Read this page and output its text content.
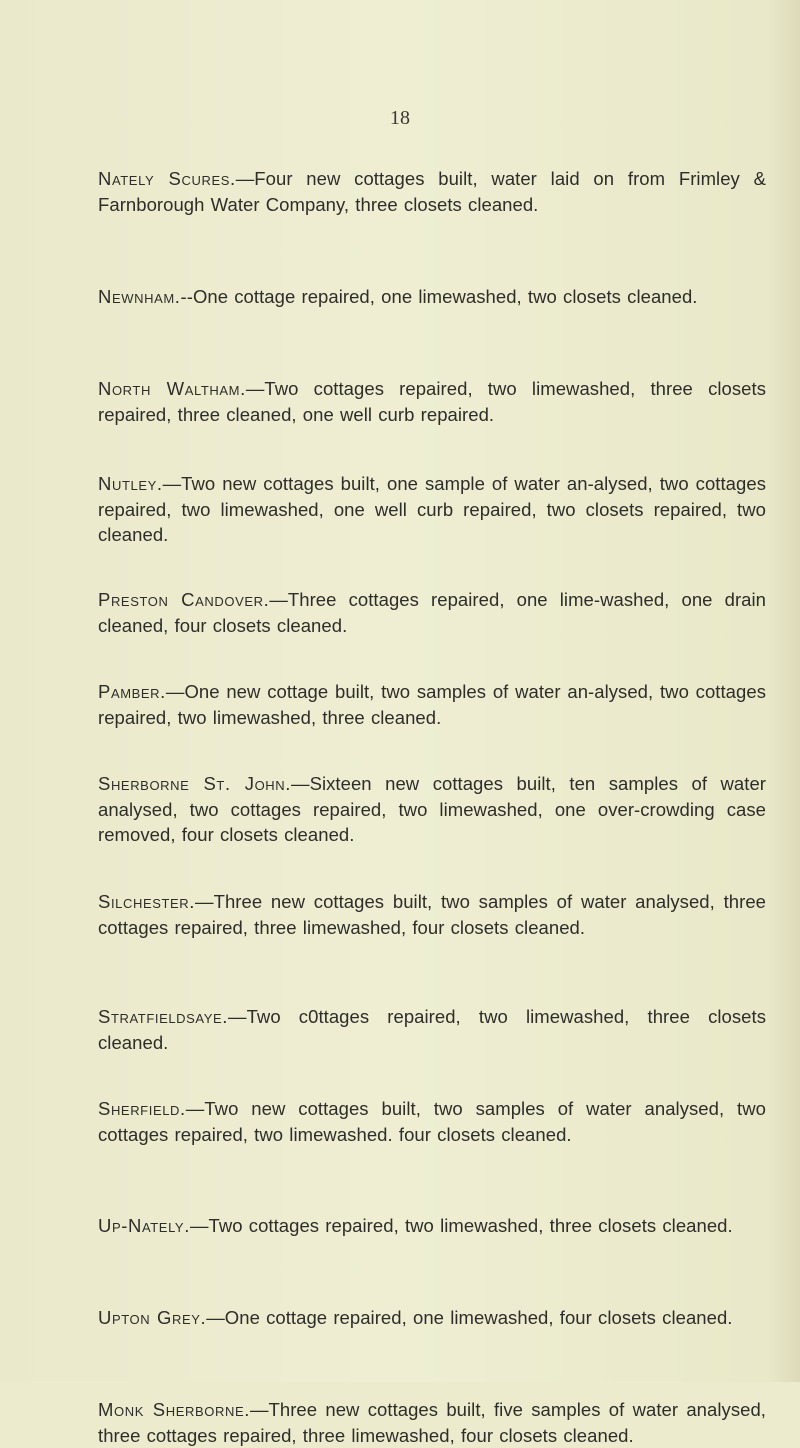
18

Nately Scures.—Four new cottages built, water laid on from Frimley & Farnborough Water Company, three closets cleaned.

Newnham.--One cottage repaired, one limewashed, two closets cleaned.

North Waltham.—Two cottages repaired, two limewashed, three closets repaired, three cleaned, one well curb repaired.

Nutley.—Two new cottages built, one sample of water an-alysed, two cottages repaired, two limewashed, one well curb repaired, two closets repaired, two cleaned.

Preston Candover.—Three cottages repaired, one lime-washed, one drain cleaned, four closets cleaned.

Pamber.—One new cottage built, two samples of water an-alysed, two cottages repaired, two limewashed, three cleaned.

Sherborne St. John.—Sixteen new cottages built, ten samples of water analysed, two cottages repaired, two limewashed, one over-crowding case removed, four closets cleaned.

Silchester.—Three new cottages built, two samples of water analysed, three cottages repaired, three limewashed, four closets cleaned.

Stratfieldsaye.—Two c0ttages repaired, two limewashed, three closets cleaned.

Sherfield.—Two new cottages built, two samples of water analysed, two cottages repaired, two limewashed. four closets cleaned.

Up-Nately.—Two cottages repaired, two limewashed, three closets cleaned.

Upton Grey.—One cottage repaired, one limewashed, four closets cleaned.

Monk Sherborne.—Three new cottages built, five samples of water analysed, three cottages repaired, three limewashed, four closets cleaned.
